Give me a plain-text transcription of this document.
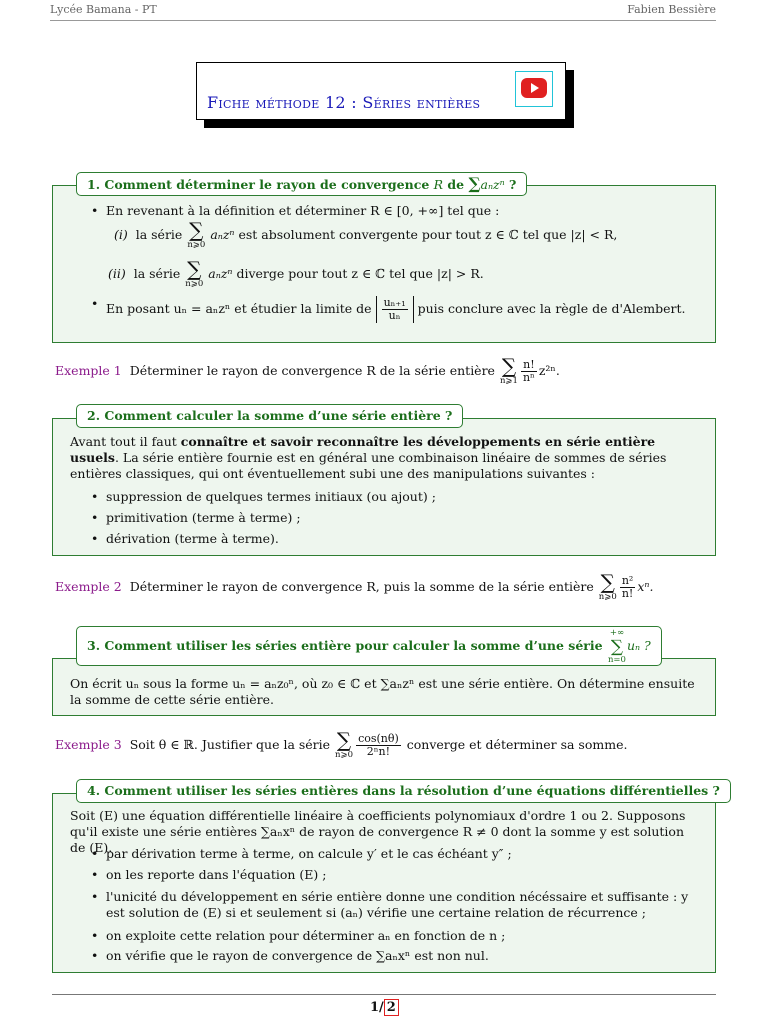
Lycée Bamana - PT	Fabien Bessière
Fiche méthode 12 : Séries entières
1. Comment déterminer le rayon de convergence R de ∑aₙzⁿ ?
• En revenant à la définition et déterminer R ∈ [0, +∞] tel que :
(i) la série ∑
n⩾0
aₙzⁿ est absolument convergente pour tout z ∈ ℂ tel que |z| < R,
(ii) la série ∑
n⩾0
aₙzⁿ diverge pour tout z ∈ ℂ tel que |z| > R.
• En posant uₙ = aₙzⁿ et étudier la limite de $\frac{\text{uₙ₊₁}}{\text{uₙ}}$ puis conclure avec la règle de d'Alembert.
Exemple 1 Déterminer le rayon de convergence R de la série entière ∑
n⩾1 $\frac{n!}{\text{nⁿ}} z^{2n}$.
2. Comment calculer la somme d’une série entière ?
Avant tout il faut connaître et savoir reconnaître les développements en série entière usuels. La série entière fournie est en général une combinaison linéaire de sommes de séries entières classiques, qui ont éventuellement subi une des manipulations suivantes :
• suppression de quelques termes initiaux (ou ajout) ;
• primitivation (terme à terme) ;
• dérivation (terme à terme).
Exemple 2 Déterminer le rayon de convergence R, puis la somme de la série entière ∑
n⩾0 $\frac{\text{n²}}{n!} x^n$.
3. Comment utiliser les séries entière pour calculer la somme d’une série
+∞
∑
n=0
uₙ ?
On écrit uₙ sous la forme uₙ = aₙz₀ⁿ, où z₀ ∈ ℂ et ∑aₙzⁿ est une série entière. On détermine ensuite la somme de cette série entière.
Exemple 3 Soit θ ∈ ℝ. Justifier que la série ∑
n⩾0 $\frac{\cos(n\theta)}{\text{2ⁿn!}}$ converge et déterminer sa somme.
4. Comment utiliser les séries entières dans la résolution d’une équations différentielles ?
Soit (E) une équation différentielle linéaire à coefficients polynomiaux d'ordre 1 ou 2. Supposons qu'il existe une série entières ∑aₙxⁿ de rayon de convergence R ≠ 0 dont la somme y est solution de (E).
• par dérivation terme à terme, on calcule y′ et le cas échéant y″ ;
• on les reporte dans l'équation (E) ;
• l'unicité du développement en série entière donne une condition nécéssaire et suffisante : y est solution de (E) si et seulement si (aₙ) vérifie une certaine relation de récurrence ;
• on exploite cette relation pour déterminer aₙ en fonction de n ;
• on vérifie que le rayon de convergence de ∑aₙxⁿ est non nul.
1/ 2
